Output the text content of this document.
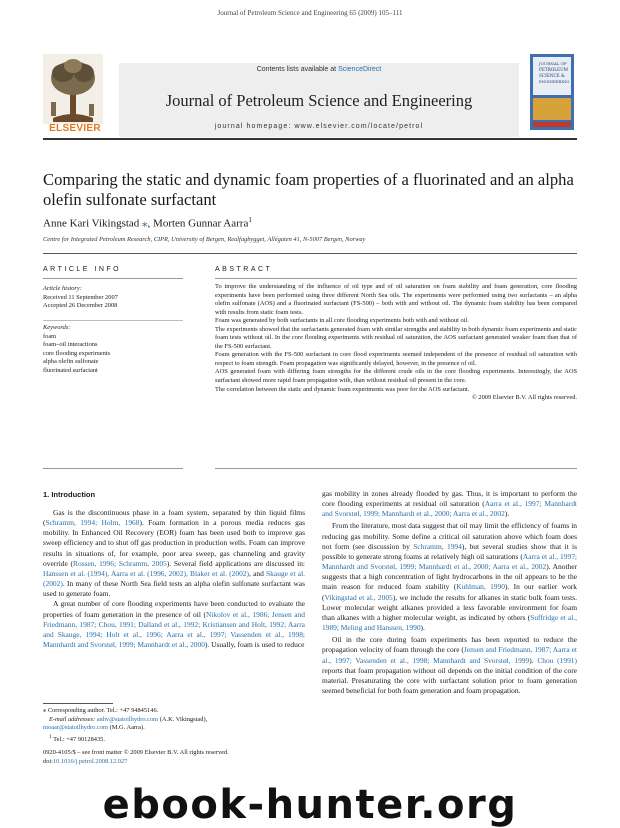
Journal of Petroleum Science and Engineering 65 (2009) 105–111
ELSEVIER
Contents lists available at ScienceDirect
Journal of Petroleum Science and Engineering
journal homepage: www.elsevier.com/locate/petrol
JOURNAL OF
PETROLEUM
SCIENCE &
ENGINEERING
Comparing the static and dynamic foam properties of a fluorinated and an alpha olefin sulfonate surfactant
Anne Kari Vikingstad ⁎, Morten Gunnar Aarra$^1$
Centre for Integrated Petroleum Research, CIPR, University of Bergen, Realfagbygget, Allégaten 41, N-5007 Bergen, Norway
ARTICLE INFO	ABSTRACT
Article history:
Received 11 September 2007
Accepted 26 December 2008
Keywords:
foam
foam–oil interactions
core flooding experiments
alpha olefin sulfonate
fluorinated surfactant

To improve the understanding of the influence of oil type and of oil saturation on foam stability and foam generation, core flooding experiments have been performed using three different North Sea oils. The experiments were performed using two surfactants – an alpha olefin sulfonate (AOS) and a fluorinated surfactant (FS-500) – both with and without oil. The dynamic foam stability has been compared with results from static foam tests.

Foam was generated by both surfactants in all core flooding experiments both with and without oil.

The experiments showed that the surfactants generated foam with similar strengths and stability in both dynamic foam experiments and static foam tests without oil. In the core flooding experiments with residual oil saturation, the AOS surfactant generated weaker foam than that of the FS-500 surfactant.

Foam generation with the FS-500 surfactant in core flood experiments seemed independent of the presence of residual oil saturation with respect to foam strength. Foam propagation was significantly delayed, however, in the presence of oil.

AOS generated foam with differing foam strengths for the different crude oils in the core flooding experiments. Interestingly, the AOS surfactant showed more rapid foam propagation with, than without residual oil present in the core.

The correlation between the static and dynamic foam experiments was poor for the AOS surfactant.

© 2009 Elsevier B.V. All rights reserved.

1. Introduction

Gas is the discontinuous phase in a foam system, separated by thin liquid films (Schramm, 1994; Holm, 1968). Foam formation in a porous media reduces gas mobility. In Enhanced Oil Recovery (EOR) foam has been used both to improve gas sweep efficiency and to shut off gas production in production wells. Foam can improve results in situations of, for example, poor area sweep, gas channeling and gravity override (Rossen, 1996; Schramm, 2005). Several field applications are discussed in: Hanssen et al. (1994), Aarra et al. (1996, 2002), Blaker et al. (2002), and Skauge et al. (2002). In many of these North Sea field tests an alpha olefin sulfonate surfactant was used to generate foam.

A great number of core flooding experiments have been conducted to evaluate the properties of foam generation in the presence of oil (Nikolov et al., 1986; Jensen and Friedmann, 1987; Chou, 1991; Dalland et al., 1992; Kristiansen and Holt, 1992; Aarra and Skauge, 1994; Holt et al., 1996; Aarra et al., 1997; Vassenden et al., 1998; Mannhardt and Svorstøl, 1999; Mannhardt et al., 2000). Usually, foam is used to reduce

gas mobility in zones already flooded by gas. Thus, it is important to perform the core flooding experiments at residual oil saturation (Aarra et al., 1997; Mannhardt and Svorstøl, 1999; Mannhardt et al., 2000; Aarra et al., 2002).

From the literature, most data suggest that oil may limit the efficiency of foams in reducing gas mobility. Some define a critical oil saturation above which foam does not form (see discussion by Schramm, 1994), but several studies show that it is possible to generate strong foams at relatively high oil saturations (Aarra et al., 1997; Mannhardt and Svorstøl, 1999; Mannhardt et al., 2000; Aarra et al., 2002). Another suggests that a high concentration of light hydrocarbons in the oil appears to be the main reason for reduced foam stability (Kuhlman, 1990). In our earlier work (Vikingstad et al., 2005), we include the results for alkanes in static bulk foam tests. Lower molecular weight alkanes provided a less favorable environment for foam than alkanes with a higher molecular weight, as indicated by others (Suffridge et al., 1989; Meling and Hanssen, 1990).

Oil in the core during foam experiments has been reported to reduce the propagation velocity of foam through the core (Jensen and Friedmann, 1987; Aarra et al., 1997; Vassenden et al., 1998; Mannhardt and Svorstøl, 1999). Chou (1991) reports that foam propagation without oil depends on the initial condition of the core material. Presaturating the core with surfactant solution prior to foam generation seemed beneficial for both foam generation and foam propagation.

⁎ Corresponding author. Tel.: +47 94845146.
E-mail addresses: anhv@statoilhydro.com (A.K. Vikingstad),
moaar@statoilhydro.com (M.G. Aarra).
$^1$ Tel.: +47 90128435.
0920-4105/$ – see front matter © 2009 Elsevier B.V. All rights reserved.
doi:10.1016/j.petrol.2008.12.027
ebook-hunter.org
